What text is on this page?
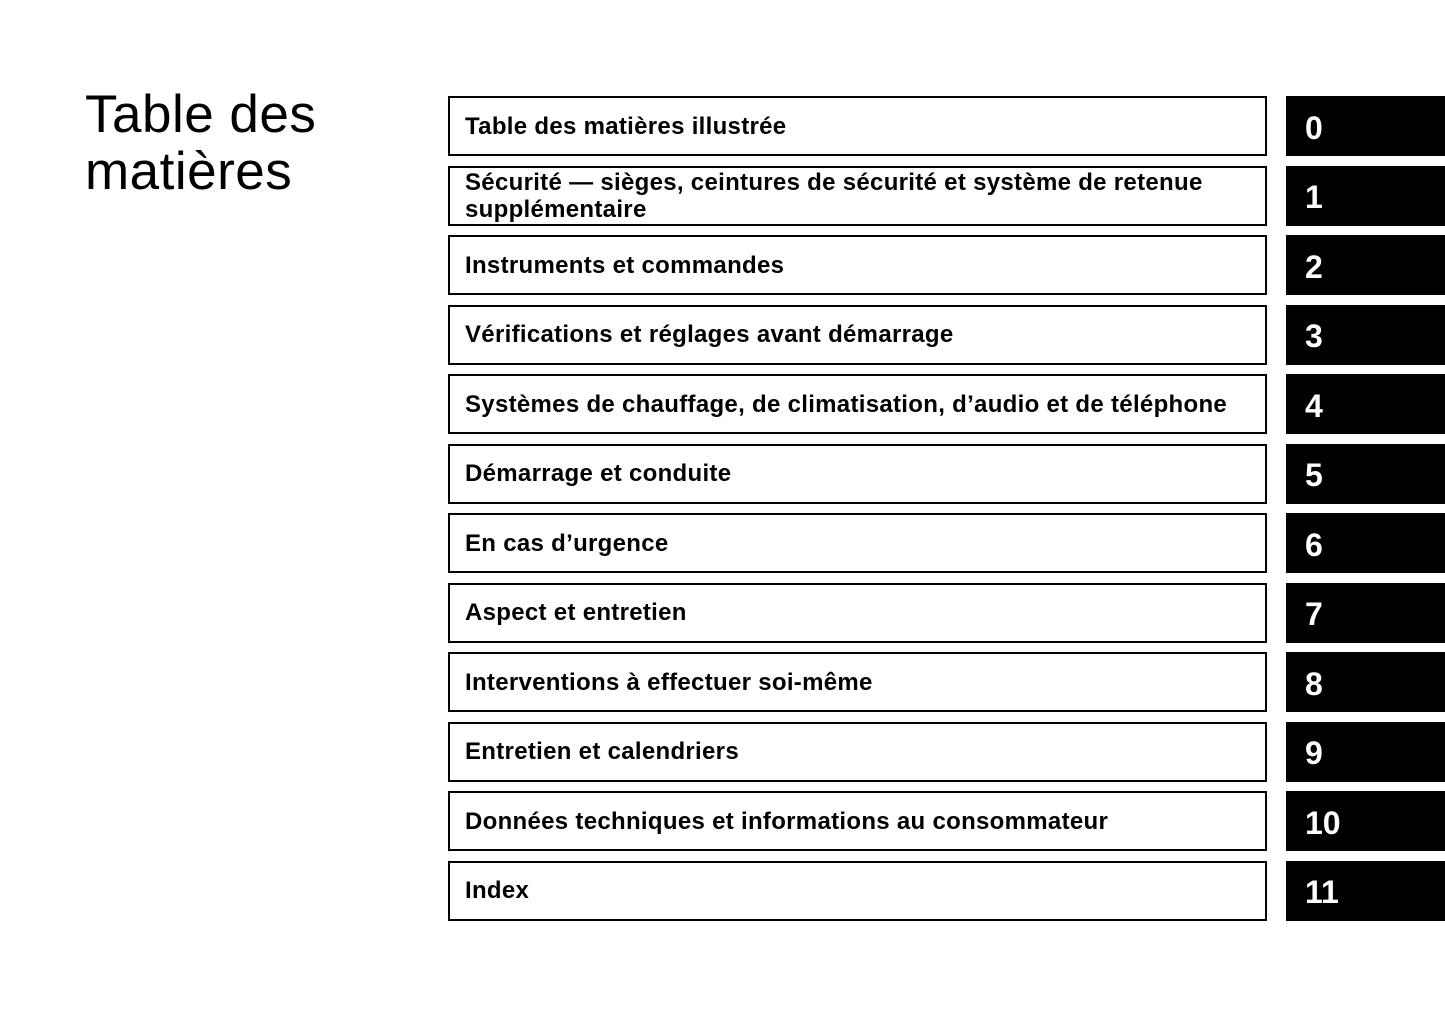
Table des matières
Table des matières illustrée	0
Sécurité — sièges, ceintures de sécurité et système de retenue supplémentaire	1
Instruments et commandes	2
Vérifications et réglages avant démarrage	3
Systèmes de chauffage, de climatisation, d’audio et de téléphone	4
Démarrage et conduite	5
En cas d’urgence	6
Aspect et entretien	7
Interventions à effectuer soi-même	8
Entretien et calendriers	9
Données techniques et informations au consommateur	10
Index	11
